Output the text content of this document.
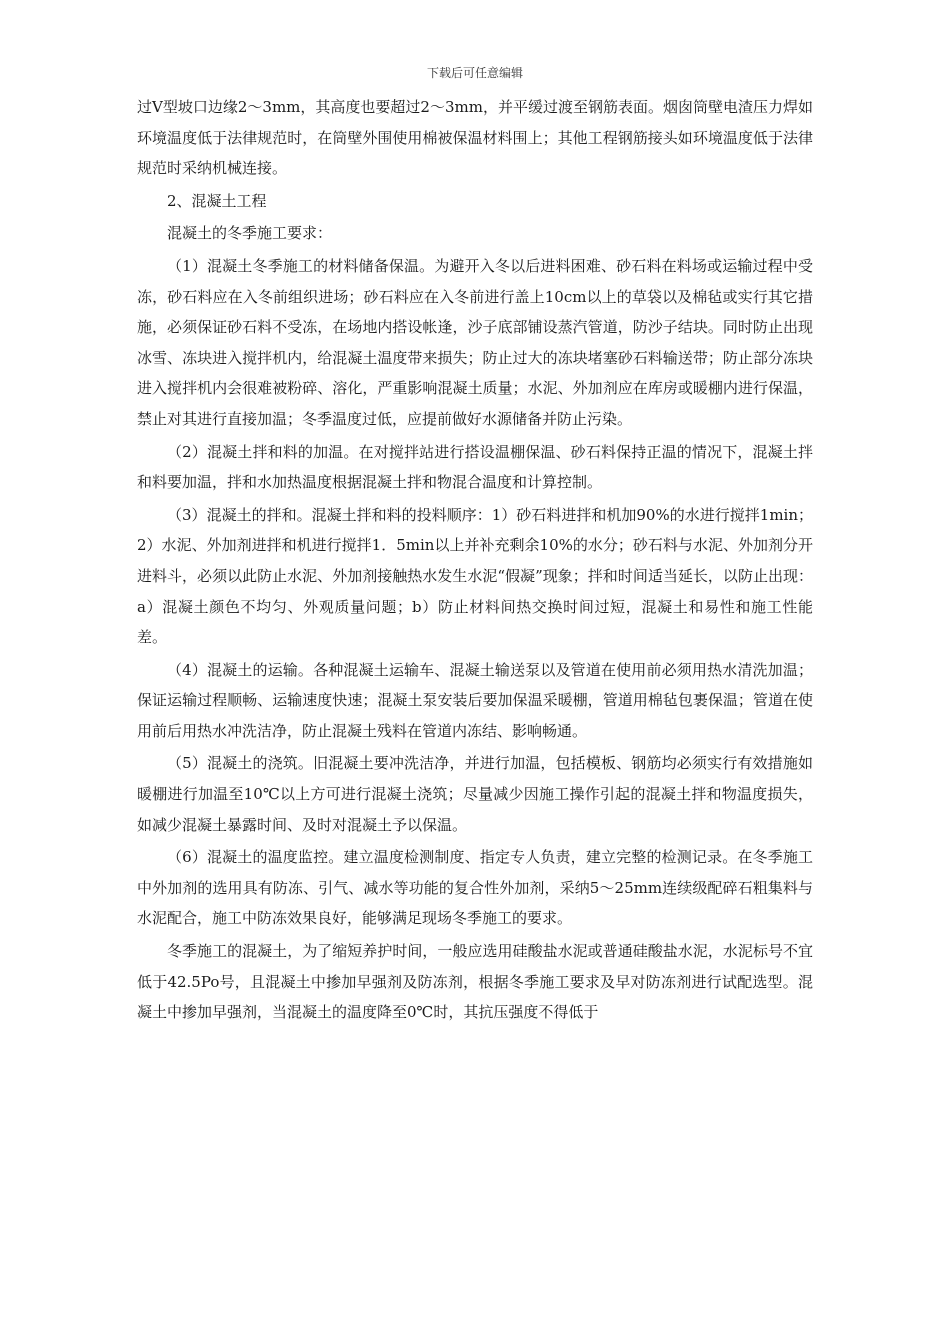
下载后可任意编辑

过Ⅴ型坡口边缘2～3mm，其高度也要超过2～3mm，并平缓过渡至钢筋表面。烟囱筒壁电渣压力焊如环境温度低于法律规范时，在筒壁外围使用棉被保温材料围上；其他工程钢筋接头如环境温度低于法律规范时采纳机械连接。

2、混凝土工程

混凝土的冬季施工要求：

（1）混凝土冬季施工的材料储备保温。为避开入冬以后进料困难、砂石料在料场或运输过程中受冻，砂石料应在入冬前组织进场；砂石料应在入冬前进行盖上10cm以上的草袋以及棉毡或实行其它措施，必须保证砂石料不受冻，在场地内搭设帐逢，沙子底部铺设蒸汽管道，防沙子结块。同时防止出现冰雪、冻块进入搅拌机内，给混凝土温度带来损失；防止过大的冻块堵塞砂石料输送带；防止部分冻块进入搅拌机内会很难被粉碎、溶化，严重影响混凝土质量；水泥、外加剂应在库房或暖棚内进行保温，禁止对其进行直接加温；冬季温度过低，应提前做好水源储备并防止污染。

（2）混凝土拌和料的加温。在对搅拌站进行搭设温棚保温、砂石料保持正温的情况下，混凝土拌和料要加温，拌和水加热温度根据混凝土拌和物混合温度和计算控制。

（3）混凝土的拌和。混凝土拌和料的投料顺序：1）砂石料进拌和机加90%的水进行搅拌1min；2）水泥、外加剂进拌和机进行搅拌1．5min以上并补充剩余10%的水分；砂石料与水泥、外加剂分开进料斗，必须以此防止水泥、外加剂接触热水发生水泥“假凝”现象；拌和时间适当延长，以防止出现：a）混凝土颜色不均匀、外观质量问题；b）防止材料间热交换时间过短，混凝土和易性和施工性能差。

（4）混凝土的运输。各种混凝土运输车、混凝土输送泵以及管道在使用前必须用热水清洗加温；保证运输过程顺畅、运输速度快速；混凝土泵安装后要加保温采暖棚，管道用棉毡包裹保温；管道在使用前后用热水冲洗洁净，防止混凝土残料在管道内冻结、影响畅通。

（5）混凝土的浇筑。旧混凝土要冲洗洁净，并进行加温，包括模板、钢筋均必须实行有效措施如暖棚进行加温至10℃以上方可进行混凝土浇筑；尽量减少因施工操作引起的混凝土拌和物温度损失，如减少混凝土暴露时间、及时对混凝土予以保温。

（6）混凝土的温度监控。建立温度检测制度、指定专人负责，建立完整的检测记录。在冬季施工中外加剂的选用具有防冻、引气、减水等功能的复合性外加剂，采纳5～25mm连续级配碎石粗集料与水泥配合，施工中防冻效果良好，能够满足现场冬季施工的要求。

冬季施工的混凝土，为了缩短养护时间，一般应选用硅酸盐水泥或普通硅酸盐水泥，水泥标号不宜低于42.5Po号，且混凝土中掺加早强剂及防冻剂，根据冬季施工要求及早对防冻剂进行试配选型。混凝土中掺加早强剂，当混凝土的温度降至0℃时，其抗压强度不得低于
